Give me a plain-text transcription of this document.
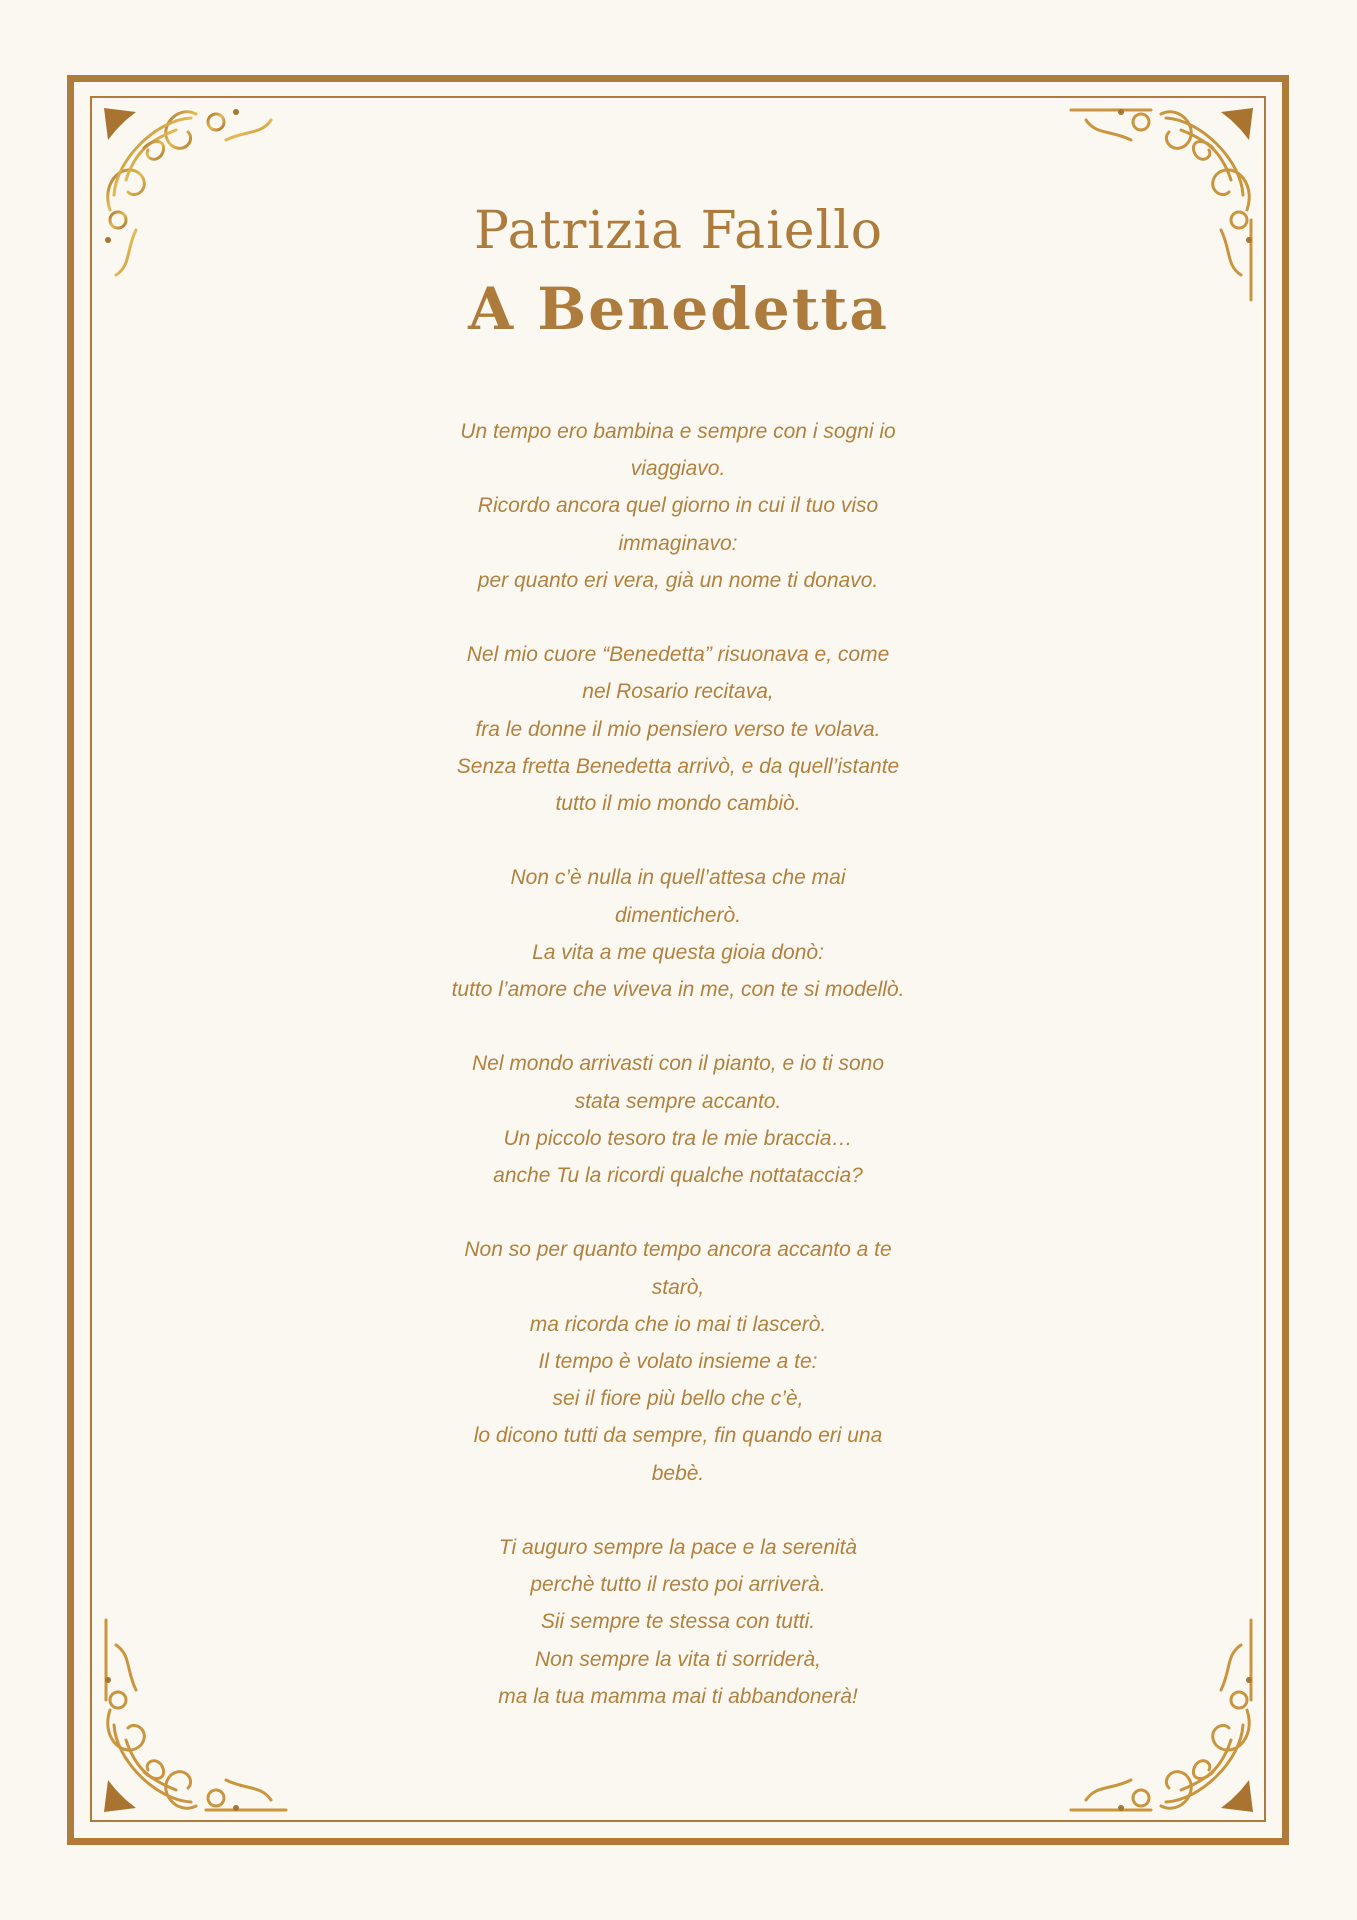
Patrizia Faiello
A Benedetta
Un tempo ero bambina e sempre con i sogni io
viaggiavo.
Ricordo ancora quel giorno in cui il tuo viso
immaginavo:
per quanto eri vera, già un nome ti donavo.
Nel mio cuore “Benedetta” risuonava e, come
nel Rosario recitava,
fra le donne il mio pensiero verso te volava.
Senza fretta Benedetta arrivò, e da quell’istante
tutto il mio mondo cambiò.
Non c’è nulla in quell’attesa che mai
dimenticherò.
La vita a me questa gioia donò:
tutto l’amore che viveva in me, con te si modellò.
Nel mondo arrivasti con il pianto, e io ti sono
stata sempre accanto.
Un piccolo tesoro tra le mie braccia…
anche Tu la ricordi qualche nottataccia?
Non so per quanto tempo ancora accanto a te
starò,
ma ricorda che io mai ti lascerò.
Il tempo è volato insieme a te:
sei il fiore più bello che c’è,
lo dicono tutti da sempre, fin quando eri una
bebè.
Ti auguro sempre la pace e la serenità
perchè tutto il resto poi arriverà.
Sii sempre te stessa con tutti.
Non sempre la vita ti sorriderà,
ma la tua mamma mai ti abbandonerà!
